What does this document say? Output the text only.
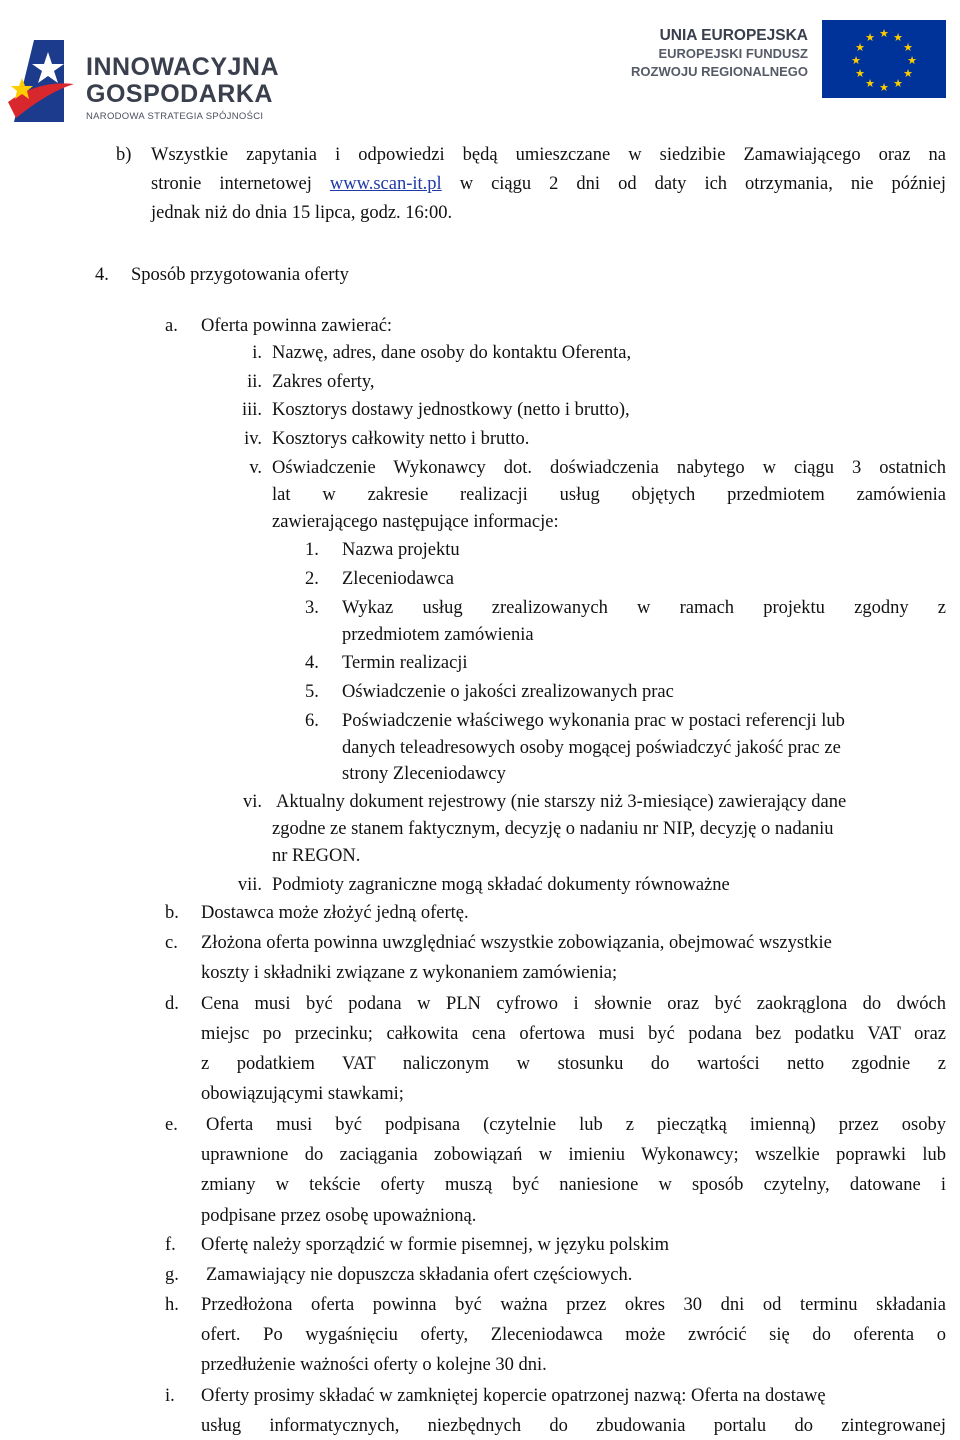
INNOWACYJNA
GOSPODARKA
NARODOWA STRATEGIA SPÓJNOŚCI
UNIA EUROPEJSKA
EUROPEJSKI FUNDUSZ
ROZWOJU REGIONALNEGO
★ ★
★
★
★
★
★
★
★
★
★
★
b) Wszystkie zapytania i odpowiedzi będą umieszczane w siedzibie Zamawiającego oraz na
stronie internetowej www.scan-it.pl w ciągu 2 dni od daty ich otrzymania, nie później
jednak niż do dnia 15 lipca, godz. 16:00.
4. Sposób przygotowania oferty
a. Oferta powinna zawierać:
i. Nazwę, adres, dane osoby do kontaktu Oferenta,
ii. Zakres oferty,
iii. Kosztorys dostawy jednostkowy (netto i brutto),
iv. Kosztorys całkowity netto i brutto.
v. Oświadczenie Wykonawcy dot. doświadczenia nabytego w ciągu 3 ostatnich
lat w zakresie realizacji usług objętych przedmiotem zamówienia
zawierającego następujące informacje:
1. Nazwa projektu
2. Zleceniodawca
3. Wykaz usług zrealizowanych w ramach projektu zgodny z
przedmiotem zamówienia
4. Termin realizacji
5. Oświadczenie o jakości zrealizowanych prac
6. Poświadczenie właściwego wykonania prac w postaci referencji lub
danych teleadresowych osoby mogącej poświadczyć jakość prac ze
strony Zleceniodawcy
vi. Aktualny dokument rejestrowy (nie starszy niż 3-miesiące) zawierający dane
zgodne ze stanem faktycznym, decyzję o nadaniu nr NIP, decyzję o nadaniu
nr REGON.
vii. Podmioty zagraniczne mogą składać dokumenty równoważne
b. Dostawca może złożyć jedną ofertę.
c. Złożona oferta powinna uwzględniać wszystkie zobowiązania, obejmować wszystkie
koszty i składniki związane z wykonaniem zamówienia;
d. Cena musi być podana w PLN cyfrowo i słownie oraz być zaokrąglona do dwóch
miejsc po przecinku; całkowita cena ofertowa musi być podana bez podatku VAT oraz
z podatkiem VAT naliczonym w stosunku do wartości netto zgodnie z
obowiązującymi stawkami;
e. Oferta musi być podpisana (czytelnie lub z pieczątką imienną) przez osoby
uprawnione do zaciągania zobowiązań w imieniu Wykonawcy; wszelkie poprawki lub
zmiany w tekście oferty muszą być naniesione w sposób czytelny, datowane i
podpisane przez osobę upoważnioną.
f. Ofertę należy sporządzić w formie pisemnej, w języku polskim
g. Zamawiający nie dopuszcza składania ofert częściowych.
h. Przedłożona oferta powinna być ważna przez okres 30 dni od terminu składania
ofert. Po wygaśnięciu oferty, Zleceniodawca może zwrócić się do oferenta o
przedłużenie ważności oferty o kolejne 30 dni.
i. Oferty prosimy składać w zamkniętej kopercie opatrzonej nazwą: Oferta na dostawę
usług informatycznych, niezbędnych do zbudowania portalu do zintegrowanej
